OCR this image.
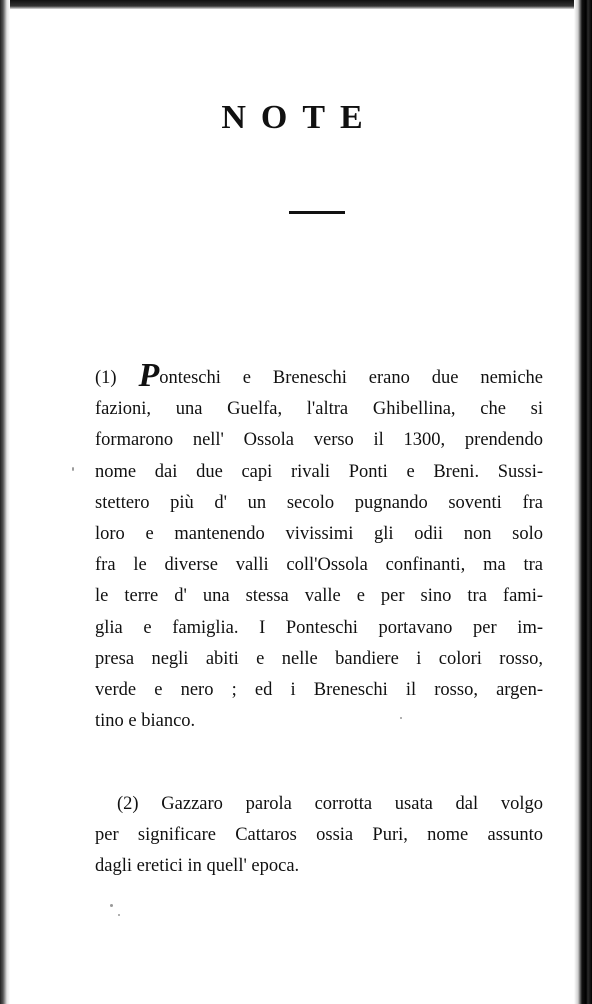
NOTE
(1) Ponteschi e Breneschi erano due nemiche
fazioni, una Guelfa, l'altra Ghibellina, che si
formarono nell' Ossola verso il 1300, prendendo
nome dai due capi rivali Ponti e Breni. Sussi-
stettero più d' un secolo pugnando soventi fra
loro e mantenendo vivissimi gli odii non solo
fra le diverse valli coll'Ossola confinanti, ma tra
le terre d' una stessa valle e per sino tra fami-
glia e famiglia. I Ponteschi portavano per im-
presa negli abiti e nelle bandiere i colori rosso,
verde e nero ; ed i Breneschi il rosso, argen-
tino e bianco.
(2) Gazzaro parola corrotta usata dal volgo
per significare Cattaros ossia Puri, nome assunto
dagli eretici in quell' epoca.
